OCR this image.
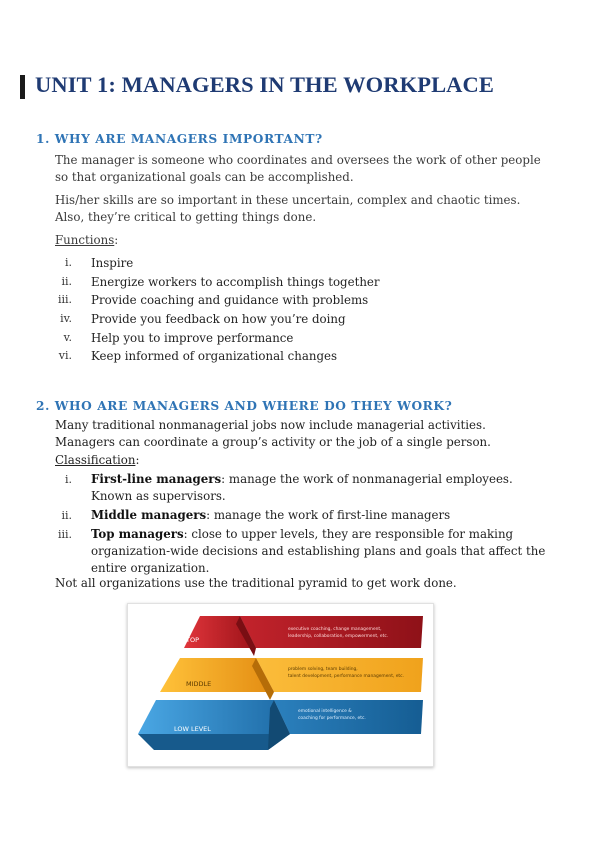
UNIT 1: MANAGERS IN THE WORKPLACE
1. WHY ARE MANAGERS IMPORTANT?

The manager is someone who coordinates and oversees the work of other people
so that organizational goals can be accomplished.

His/her skills are so important in these uncertain, complex and chaotic times.
Also, they’re critical to getting things done.

Functions:

i. Inspire
ii. Energize workers to accomplish things together
iii. Provide coaching and guidance with problems
iv. Provide you feedback on how you’re doing
v. Help you to improve performance
vi. Keep informed of organizational changes
2. WHO ARE MANAGERS AND WHERE DO THEY WORK?

Many traditional nonmanagerial jobs now include managerial activities.
Managers can coordinate a group’s activity or the job of a single person.

Classification:

i. First-line managers: manage the work of nonmanagerial employees.
Known as supervisors.
ii. Middle managers: manage the work of first-line managers
iii. Top managers: close to upper levels, they are responsible for making
organization-wide decisions and establishing plans and goals that affect the
entire organization.

Not all organizations use the traditional pyramid to get work done.

TOP
MIDDLE
LOW LEVEL
executive coaching, change management,
leadership, collaboration, empowerment, etc.
problem solving, team building,
talent development, performance management, etc.
emotional intelligence &
coaching for performance, etc.
